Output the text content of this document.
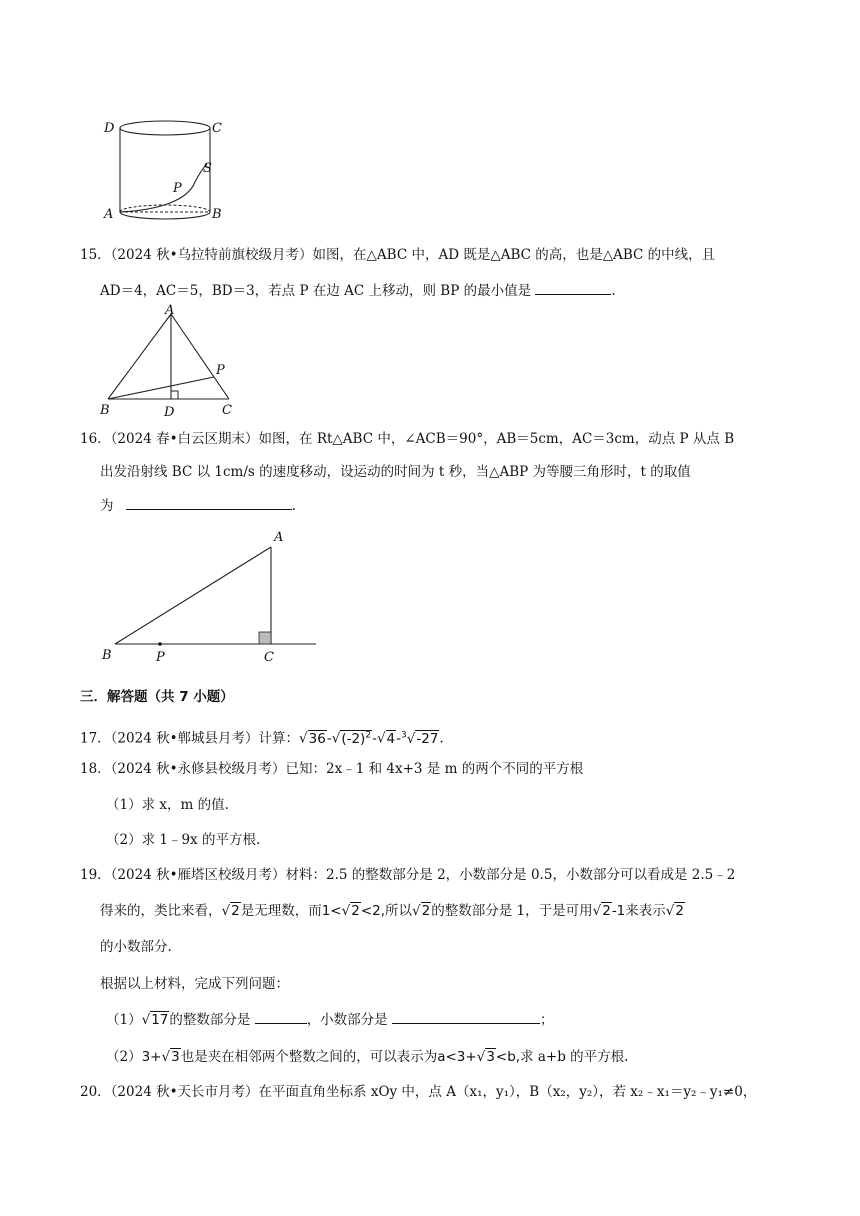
D	C
S
P
A	B
15．（2024 秋•乌拉特前旗校级月考）如图，在△ABC 中，AD 既是△ABC 的高，也是△ABC 的中线，且
AD＝4，AC＝5，BD＝3，若点 P 在边 AC 上移动，则 BP 的最小值是	.
A
P
B	D	C
16．（2024 春•白云区期末）如图，在 Rt△ABC 中，∠ACB＝90°，AB＝5cm，AC＝3cm，动点 P 从点 B
出发沿射线 BC 以 1cm/s 的速度移动，设运动的时间为 t 秒，当△ABP 为等腰三角形时，t 的取值
为	.
A
B	P	C
三．解答题（共 7 小题）
17．（2024 秋•郸城县月考）计算：$√36-√(-2)^2-√4-^3√-27$.
18．（2024 秋•永修县校级月考）已知：2x﹣1 和 4x+3 是 m 的两个不同的平方根
（1）求 x，m 的值.
（2）求 1﹣9x 的平方根.
19．（2024 秋•雁塔区校级月考）材料：2.5 的整数部分是 2，小数部分是 0.5，小数部分可以看成是 2.5﹣2
得来的，类比来看，√2是无理数，而1<√2<2,所以√2的整数部分是 1，于是可用√2-1来表示√2
的小数部分.
根据以上材料，完成下列问题：
（1）√17的整数部分是	，小数部分是	；
（2）3+√3也是夹在相邻两个整数之间的，可以表示为a<3+√3<b,求 a+b 的平方根.
20．（2024 秋•天长市月考）在平面直角坐标系 xOy 中，点 A（x₁，y₁），B（x₂，y₂），若 x₂﹣x₁＝y₂﹣y₁≠0，
